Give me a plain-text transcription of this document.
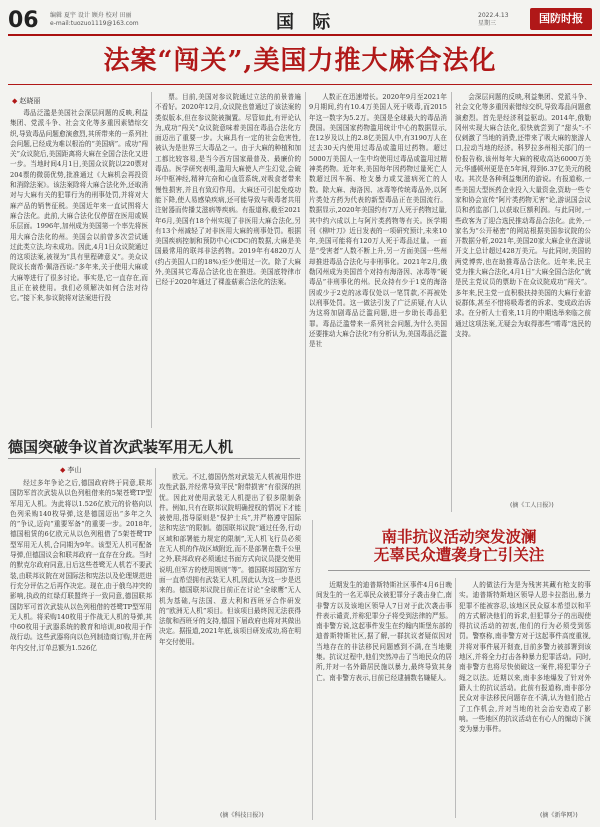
06 编辑 夏宇 设计 顾舟 校对 田丽
e-mail:tuozuo1119@163.com	国 际	2022.4.13
星期三	国防时报
法案“闯关”,美国力推大麻合法化
◆ 赵晓丽

毒品泛滥是美国社会深层问题的反映,利益集团、党派斗争、社会文化等多重因素错综交织,导致毒品问题愈演愈烈,其所带来的一系列社会问题,已经成为难以根治的“美国病”。成功“闯关”众议院后,美国距离将大麻在全国合法化又进一步。当地时间4月1日,美国众议院以220票对204票的微弱优势,批准通过《大麻机会再投资和消除法案》。该法案除将大麻合法化外,还取消对与大麻有关的犯罪行为的刑事处罚,并将对大麻产品的销售征税。美国近年来一直试图将大麻合法化。此前,大麻合法化仅停留在医用或娱乐层面。1996年,加州成为美国第一个率先将医用大麻合法化的州。美国会以前曾多次尝试通过此类立法,均未成功。因此,4月1日众议院通过的这项法案,被视为“具有里程碑意义”。美众议院议长南希·佩洛西说:“多年来,关于使用大麻或大麻等进行了很多讨论。事实是,它一直存在,而且正在被使用。我们必须解决如何合法对待它。”接下来,参议院将对法案进行投

票。目前,美国对参议院通过立法的前景普遍不看好。2020年12月,众议院也曾通过了该法案的类似版本,但在参议院被搁置。尽管如此,有评论认为,成功“闯关”众议院意味着美国在毒品合法化方面迈出了重要一步。大麻具有一定的社会危害性,被认为是世界三大毒品之一。由于大麻的种植和加工都比较容易,是当今西方国家最普及、最廉价的毒品。医学研究表明,滥用大麻使人产生幻觉,会破坏中枢神经,精神亢奋和心血管系统,对吸食者带来慢性损害,并且有致幻作用。大麻还可引起免疫功能下降,使人易感染疾病,还可能导致与吸毒者共用注射器而传播艾滋病等疾病。有报道称,截至2021年6月,美国有18个州实现了非医用大麻合法化,另有13个州减轻了对非医用大麻的刑事处罚。根据美国疾病控制和预防中心(CDC)的数据,大麻是美国最常用的联邦非法药物。2019年有4820万人(约占美国人口的18%)至少使用过一次。除了大麻外,美国其它毒品合法化也在推进。美国底特律市已经于2020年通过了裸盖菇素合法化的法案。

人数正在迅速增长。2020年9月至2021年9月期间,约有10.4万美国人死于吸毒,而2015年这一数字为5.2万。美国是全球最大的毒品消费国。美国国家药物滥用统计中心的数据显示,在12岁及以上的2.8亿美国人中,有3190万人在过去30天内使用过毒品或滥用过药物。超过5000万美国人一生中均使用过毒品或滥用过精神类药物。近年来,美国每年因药物过量死亡人数超过因车祸、枪支暴力或艾滋病死亡的人数。除大麻、海洛因、冰毒等传统毒品外,以阿片类处方药为代表的新型毒品正在美国流行。数据显示,2020年美国约有7万人死于药物过量,其中约六成以上与阿片类药物等有关。医学期刊《柳叶刀》近日发表的一项研究预计,未来10年,美国可能将有120万人死于毒品过量。一面是“受害者”人数不断上升,另一方面美国一些州却推进毒品合法化与非刑事化。2021年2月,俄勒冈州成为美国首个对持有海洛因、冰毒等“硬毒品”非刑事化的州。民众持有少于1克的海洛因或少于2克的冰毒仅处以一笔罚款,不再被处以刑事处罚。这一做法引发了广泛质疑,有人认为这将加剧毒品泛滥问题,进一步助长毒品犯罪。毒品泛滥带来一系列社会问题,为什么美国还要推动大麻合法化?有分析认为,美国毒品泛滥是社

会深层问题的反映,利益集团、党派斗争、社会文化等多重因素错综交织,导致毒品问题愈演愈烈。首先是经济利益驱动。2014年,俄勒冈州实现大麻合法化,很快就尝到了“甜头”:不仅刺激了当地的消费,还带来了吸大麻的旅游人口,拉动当地的经济。科罗拉多州相关部门的一份报告称,该州每年大麻的税收高达6000万美元;华盛顿州更是在5年间,得到6.37亿美元的税收。其次是各种利益集团的游说。有报道称,一些美国大型医药企业投入大量资金,资助一些专家和协会宣传“阿片类药物无害”论,游说国会议员和药监部门,以获取巨额利润。与此同时,一些政客为了迎合选民推动毒品合法化。此外,一家名为“公开秘密”的网站根据美国参议院的公开数据分析,2021年,美国20家大麻企业在游说开支上总计超过428万美元。与此同时,美国的两党博弈,也在助推毒品合法化。近年来,民主党力推大麻合法化,4月1日“大麻全国合法化”就是民主党议员的票助下在众议院成功“闯关”。多年来,民主党一直积极扶持美国的大麻行业游说群体,甚至不惜将吸毒者的诉求、变成政治诉求。在分析人士看来,11月的中期选举来临之前通过这项法案,无疑会为取得那些“嗜毒”选民的支持。

(摘《工人日报》)
德国突破争议首次武装军用无人机
◆ 李山

经过多年争论之后,德国政府终于同意,联邦国防军首次武装从以色列租借来的5架苍鹭TP型军用无人机。为此将以1.526亿欧元的价格向以色列采购140枚导弹,这是德国迈出“多年之久的”争议,迈向“重要军备”的重要一步。2018年,德国租赁的6亿欧元从以色列租借了5架苍鹭TP型军用无人机,合同期为9年。该型无人机可配备导弹,但德国议会和联邦政府一直存在分歧。当时的默克尔政府同意,日后这些苍鹭无人机若不要武装,由联邦议院在对国际法和宪法以及伦理规范进行充分评估之后再作决定。现在,由于俄乌冲突的影响,执政的红绿灯联盟终于一致同意,德国联邦国防军可首次武装从以色列租借的苍鹭TP型军用无人机。将采购140枚用于作战无人机的导弹,其中60枚用于武器系统的教育和培训,80枚用于作战行动。这些武器将向以色列制造商订购,并在两年内交付,订单总额为1.526亿

欧元。不过,德国仍然对武装无人机被用作进攻性武器,并经常导致平民“附带损害”有很深的担忧。因此对使用武装无人机提出了很多限制条件。例如,只有在联邦议院明确授权的情况下才能被使用,指导原则是“保护士兵”,并严格遵守国际法和宪法”的限制。德国联邦议院“通过任务,行动区域和部署能力规定的限制”,无人机飞行员必须在无人机的作战区域附近,而不是部署在数千公里之外,联邦政府必须通过书面方式向议员提交使用说明,但军方的使用规则“等”。德国联邦国防军方面一直希望拥有武装无人机,因此认为这一步是迟来的。德国联邦议院目前正在讨论“全球鹰”无人机为基础,与法国、意大利和西班牙合作研发的“欧洲无人机”项目。但该项目最终因无法获得法航和西班牙的支持,德国下届政府也将对其做出决定。据报道,2021年底,该项目研发成功,将在明年交付使用。

(摘《科技日报》)
南非抗议活动突发波澜
无辜民众遭袭身亡引关注

近期发生的迪普斯特斯社区事件4月6日晚间发生的一名无辜民众被犯罪分子袭击身亡,南非警方以及该地区领导人7日对于此次袭击事件表示谴责,并称犯罪分子将受到法律的严惩。南非警方说,这起事件发生在约翰内斯堡东部的迪普斯特斯社区,据了解,一群抗议者疑似因对当地存在的非法移民问题感到不满,在当地聚集。抗议过程中,他们突然冲击了当地民众的居所,并对一名外籍居民施以暴力,最终导致其身亡。南非警方表示,目前已经逮捕数名嫌疑人。

人的做法行为是为残害其藏有枪支的事实。迪普斯特斯地区领导人恩卡拉指出,暴力犯罪不能被容忍,该地区民众原本希望以和平的方式解决他们的诉求,但犯罪分子的出现使得抗议活动的初衷,他们的行为必须受到惩罚。警察称,南非警方对于这起事件高度重视,并将对事件展开彻查,目前多警力被部署到该地区,并将全力打击各种暴力犯罪活动。同时,南非警方也将尽快侦破这一案件,将犯罪分子绳之以法。近期以来,南非多地爆发了针对外籍人士的抗议活动。此前有报道称,南非部分民众对非法移民问题存在不满,认为他们抢占了工作机会,并对当地的社会治安造成了影响。一些地区的抗议活动在有心人的煽动下演变为暴力事件。

(摘《新华网》)
